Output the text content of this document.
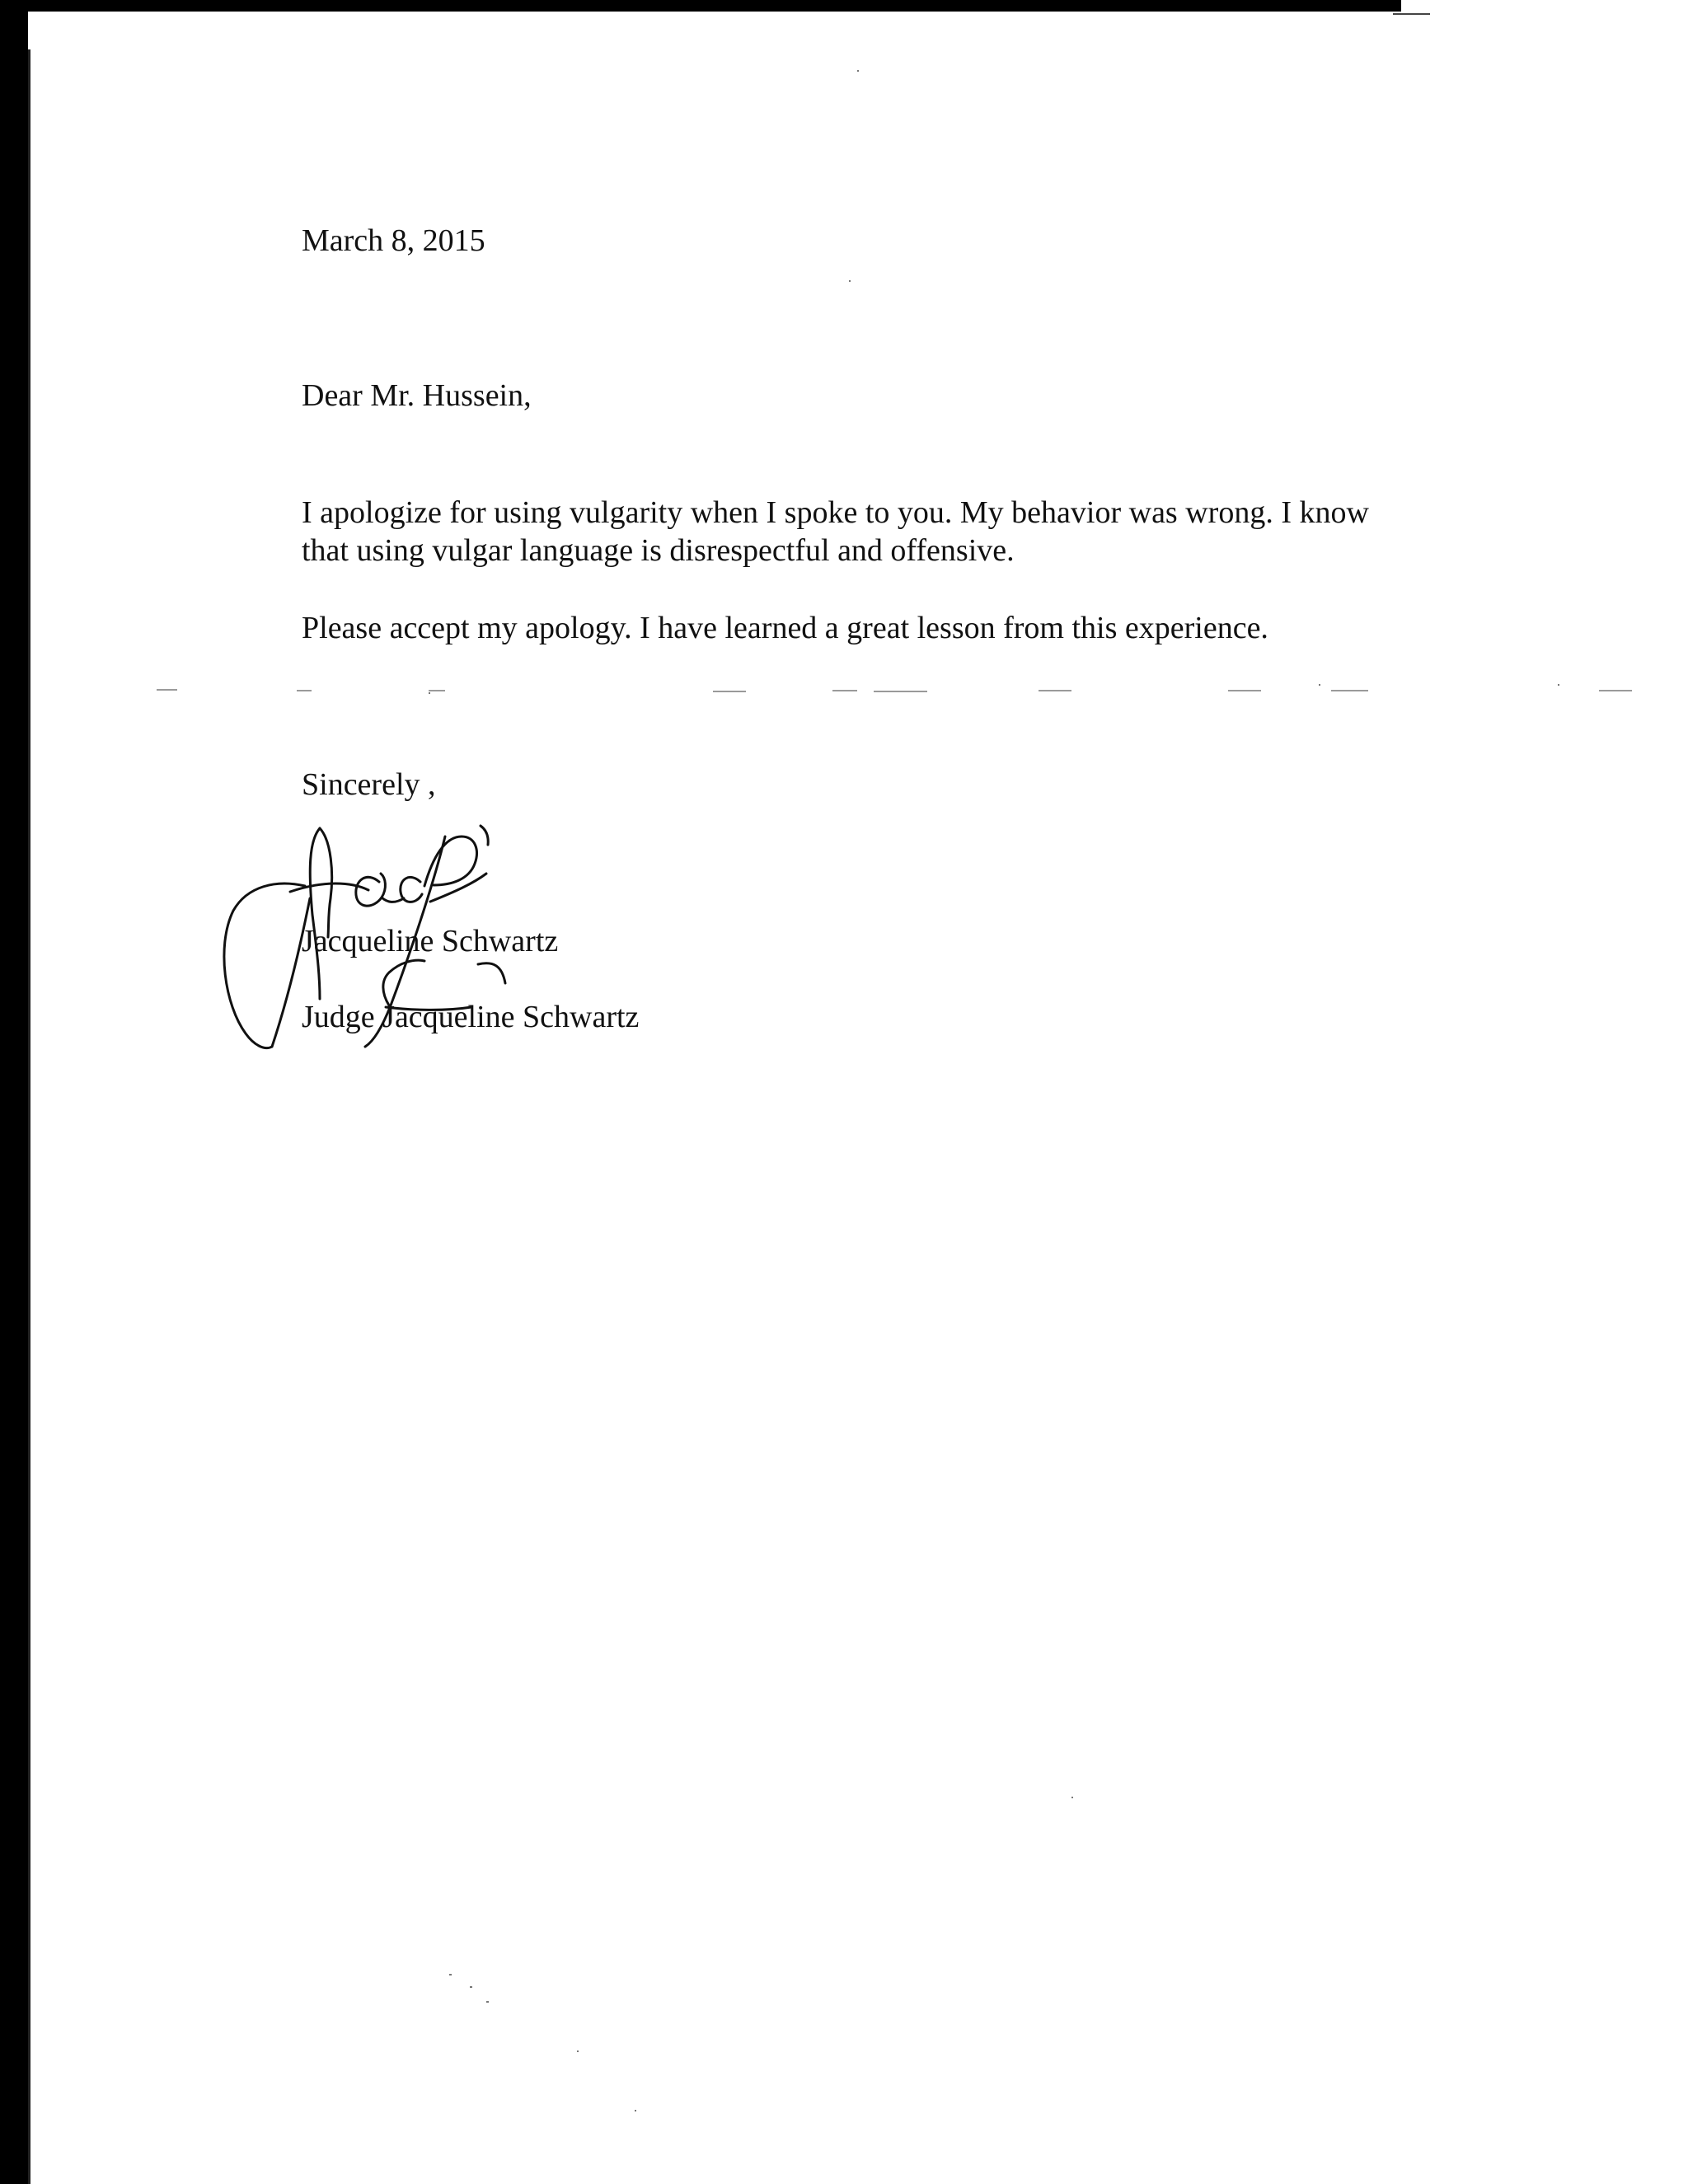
March 8, 2015
Dear Mr. Hussein,
I apologize for using vulgarity when I spoke to you. My behavior was wrong. I know
that using vulgar language is disrespectful and offensive.
Please accept my apology. I have learned a great lesson from this experience.
Sincerely ,
Jacqueline Schwartz
Judge Jacqueline Schwartz
